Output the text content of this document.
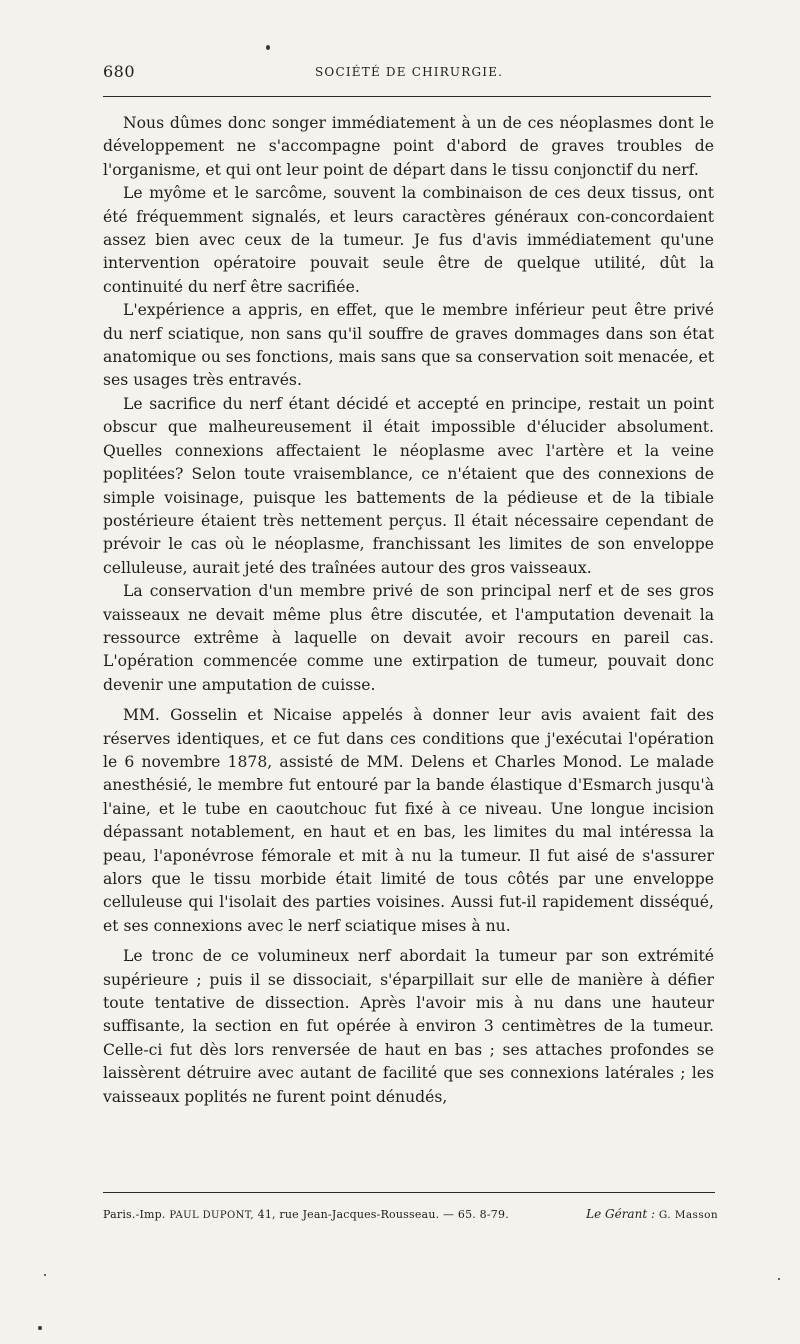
680	SOCIÉTÉ DE CHIRURGIE.

Nous dûmes donc songer immédiatement à un de ces néoplasmes dont le développement ne s'accompagne point d'abord de graves troubles de l'organisme, et qui ont leur point de départ dans le tissu conjonctif du nerf.

Le myôme et le sarcôme, souvent la combinaison de ces deux tissus, ont été fréquemment signalés, et leurs caractères généraux con-concordaient assez bien avec ceux de la tumeur. Je fus d'avis immédiatement qu'une intervention opératoire pouvait seule être de quelque utilité, dût la continuité du nerf être sacrifiée.

L'expérience a appris, en effet, que le membre inférieur peut être privé du nerf sciatique, non sans qu'il souffre de graves dommages dans son état anatomique ou ses fonctions, mais sans que sa conservation soit menacée, et ses usages très entravés.

Le sacrifice du nerf étant décidé et accepté en principe, restait un point obscur que malheureusement il était impossible d'élucider absolument. Quelles connexions affectaient le néoplasme avec l'artère et la veine poplitées? Selon toute vraisemblance, ce n'étaient que des connexions de simple voisinage, puisque les battements de la pédieuse et de la tibiale postérieure étaient très nettement perçus. Il était nécessaire cependant de prévoir le cas où le néoplasme, franchissant les limites de son enveloppe celluleuse, aurait jeté des traînées autour des gros vaisseaux.

La conservation d'un membre privé de son principal nerf et de ses gros vaisseaux ne devait même plus être discutée, et l'amputation devenait la ressource extrême à laquelle on devait avoir recours en pareil cas. L'opération commencée comme une extirpation de tumeur, pouvait donc devenir une amputation de cuisse.

MM. Gosselin et Nicaise appelés à donner leur avis avaient fait des réserves identiques, et ce fut dans ces conditions que j'exécutai l'opération le 6 novembre 1878, assisté de MM. Delens et Charles Monod. Le malade anesthésié, le membre fut entouré par la bande élastique d'Esmarch jusqu'à l'aine, et le tube en caoutchouc fut fixé à ce niveau. Une longue incision dépassant notablement, en haut et en bas, les limites du mal intéressa la peau, l'aponévrose fémorale et mit à nu la tumeur. Il fut aisé de s'assurer alors que le tissu morbide était limité de tous côtés par une enveloppe celluleuse qui l'isolait des parties voisines. Aussi fut-il rapidement disséqué, et ses connexions avec le nerf sciatique mises à nu.

Le tronc de ce volumineux nerf abordait la tumeur par son extrémité supérieure ; puis il se dissociait, s'éparpillait sur elle de manière à défier toute tentative de dissection. Après l'avoir mis à nu dans une hauteur suffisante, la section en fut opérée à environ 3 centimètres de la tumeur. Celle-ci fut dès lors renversée de haut en bas ; ses attaches profondes se laissèrent détruire avec autant de facilité que ses connexions latérales ; les vaisseaux poplités ne furent point dénudés,

Paris.-Imp. PAUL DUPONT, 41, rue Jean-Jacques-Rousseau. — 65. 8-79.	Le Gérant : G. Masson
